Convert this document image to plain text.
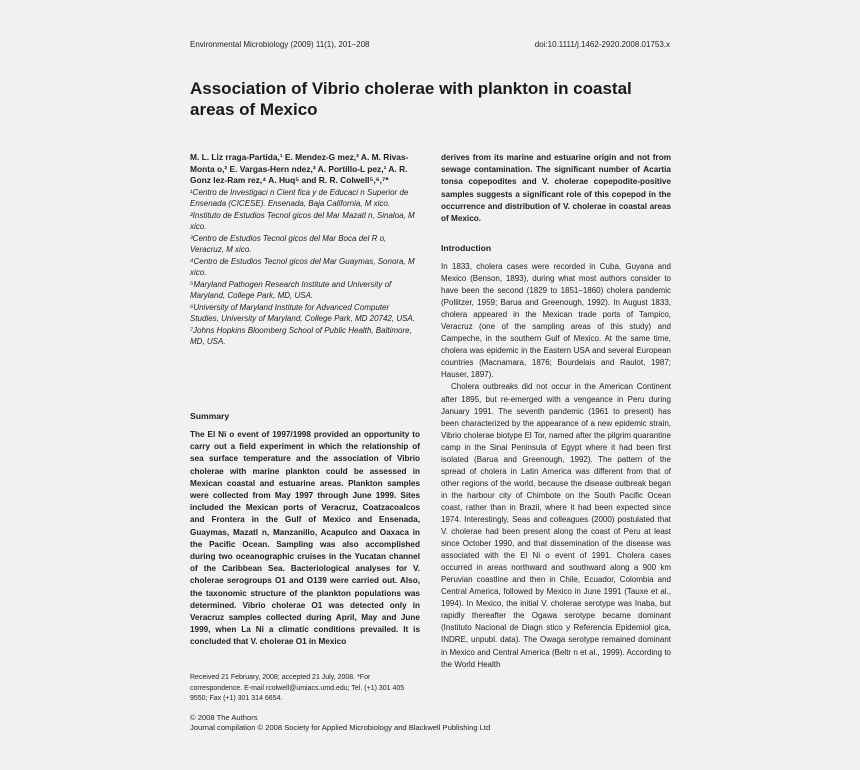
Environmental Microbiology (2009) 11(1), 201–208	doi:10.1111/j.1462-2920.2008.01753.x
Association of Vibrio cholerae with plankton in coastal areas of Mexico
M. L. Liz rraga-Partida,¹ E. Mendez-G mez,² A. M. Rivas-Monta o,² E. Vargas-Hern ndez,³ A. Portillo-L pez,¹ A. R. Gonz lez-Ram rez,⁴ A. Huq⁵ and R. R. Colwell⁵,⁶,⁷*
¹Centro de Investigaci n Cient fica y de Educaci n Superior de Ensenada (CICESE). Ensenada, Baja California, M xico.
²Instituto de Estudios Tecnol gicos del Mar Mazatl n, Sinaloa, M xico.
³Centro de Estudios Tecnol gicos del Mar Boca del R o, Veracruz, M xico.
⁴Centro de Estudios Tecnol gicos del Mar Guaymas, Sonora, M xico.
⁵Maryland Pathogen Research Institute and University of Maryland, College Park, MD, USA.
⁶University of Maryland Institute for Advanced Computer Studies, University of Maryland, College Park, MD 20742, USA.
⁷Johns Hopkins Bloomberg School of Public Health, Baltimore, MD, USA.
Summary
The El Ni o event of 1997/1998 provided an opportunity to carry out a field experiment in which the relationship of sea surface temperature and the association of Vibrio cholerae with marine plankton could be assessed in Mexican coastal and estuarine areas. Plankton samples were collected from May 1997 through June 1999. Sites included the Mexican ports of Veracruz, Coatzacoalcos and Frontera in the Gulf of Mexico and Ensenada, Guaymas, Mazatl n, Manzanillo, Acapulco and Oaxaca in the Pacific Ocean. Sampling was also accomplished during two oceanographic cruises in the Yucatan channel of the Caribbean Sea. Bacteriological analyses for V. cholerae serogroups O1 and O139 were carried out. Also, the taxonomic structure of the plankton populations was determined. Vibrio cholerae O1 was detected only in Veracruz samples collected during April, May and June 1999, when La Ni a climatic conditions prevailed. It is concluded that V. cholerae O1 in Mexico
Received 21 February, 2008; accepted 21 July, 2008. *For correspondence. E-mail rcolwell@umiacs.umd.edu; Tel. (+1) 301 405 9550; Fax (+1) 301 314 6654.
derives from its marine and estuarine origin and not from sewage contamination. The significant number of Acartia tonsa copepodites and V. cholerae copepodite-positive samples suggests a significant role of this copepod in the occurrence and distribution of V. cholerae in coastal areas of Mexico.
Introduction

In 1833, cholera cases were recorded in Cuba, Guyana and Mexico (Benson, 1893), during what most authors consider to have been the second (1829 to 1851–1860) cholera pandemic (Pollitzer, 1959; Barua and Greenough, 1992). In August 1833, cholera appeared in the Mexican trade ports of Tampico, Veracruz (one of the sampling areas of this study) and Campeche, in the southern Gulf of Mexico. At the same time, cholera was epidemic in the Eastern USA and several European countries (Macnamara, 1876; Bourdelais and Raulot, 1987; Hauser, 1897).

Cholera outbreaks did not occur in the American Continent after 1895, but re-emerged with a vengeance in Peru during January 1991. The seventh pandemic (1961 to present) has been characterized by the appearance of a new epidemic strain, Vibrio cholerae biotype El Tor, named after the pilgrim quarantine camp in the Sinai Peninsula of Egypt where it had been first isolated (Barua and Greenough, 1992). The pattern of the spread of cholera in Latin America was different from that of other regions of the world, because the disease outbreak began in the harbour city of Chimbote on the South Pacific Ocean coast, rather than in Brazil, where it had been expected since 1974. Interestingly, Seas and colleagues (2000) postulated that V. cholerae had been present along the coast of Peru at least since October 1990, and that dissemination of the disease was associated with the El Ni o event of 1991. Cholera cases occurred in areas northward and southward along a 900 km Peruvian coastline and then in Chile, Ecuador, Colombia and Central America, followed by Mexico in June 1991 (Tauxe et al., 1994). In Mexico, the initial V. cholerae serotype was Inaba, but rapidly thereafter the Ogawa serotype became dominant (Instituto Nacional de Diagn stico y Referencia Epidemiol gica, INDRE, unpubl. data). The Owaga serotype remained dominant in Mexico and Central America (Beltr n et al., 1999). According to the World Health

© 2008 The Authors
Journal compilation © 2008 Society for Applied Microbiology and Blackwell Publishing Ltd
